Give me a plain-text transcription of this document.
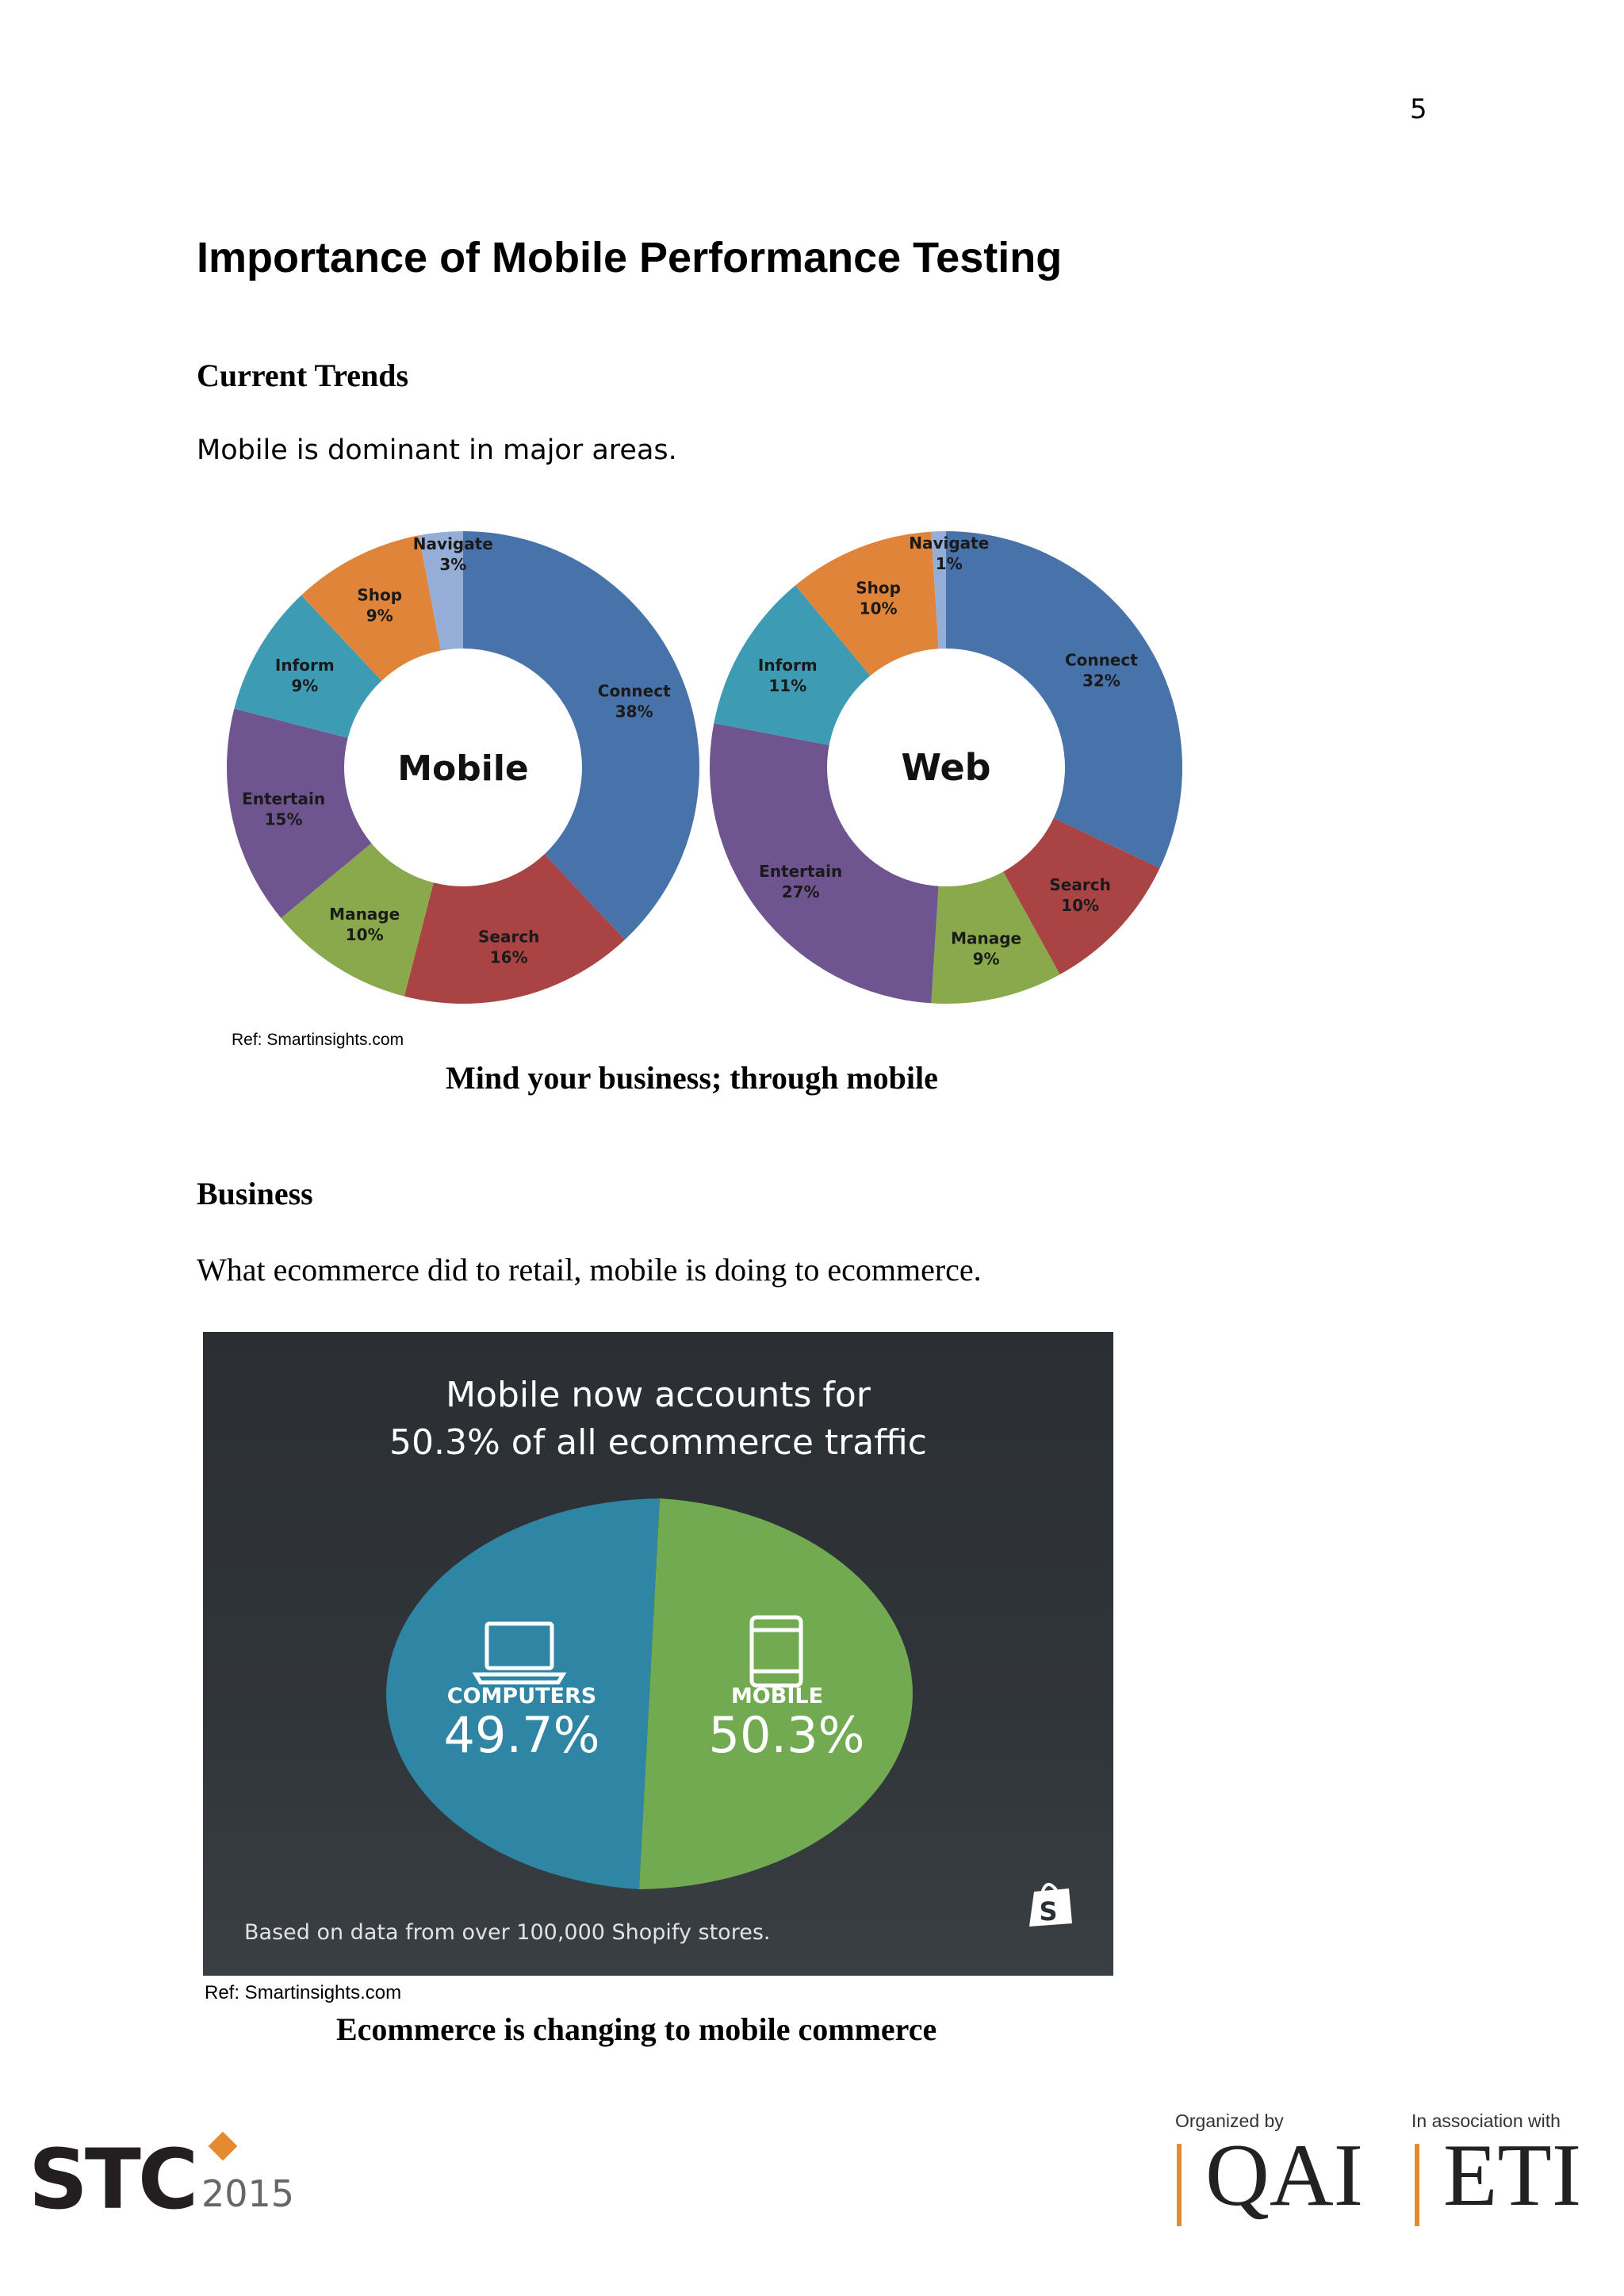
5
Importance of Mobile Performance Testing
Current Trends
Mobile is dominant in major areas.
Connect
38%
Search
16%
Manage
10%
Entertain
15%
Inform
9%
Shop
9%
Navigate
3%
Mobile
Connect
32%
Search
10%
Manage
9%
Entertain
27%
Inform
11%
Shop
10%
Navigate
1%
Web
Ref: Smartinsights.com
Mind your business; through mobile
Business
What ecommerce did to retail, mobile is doing to ecommerce.
Mobile now accounts for
50.3% of all ecommerce traffic
COMPUTERS
49.7%
MOBILE
50.3%
S
Based on data from over 100,000 Shopify stores.
Ref: Smartinsights.com
Ecommerce is changing to mobile commerce
STC 2015
Organized by
QAI
In association with
ETI
